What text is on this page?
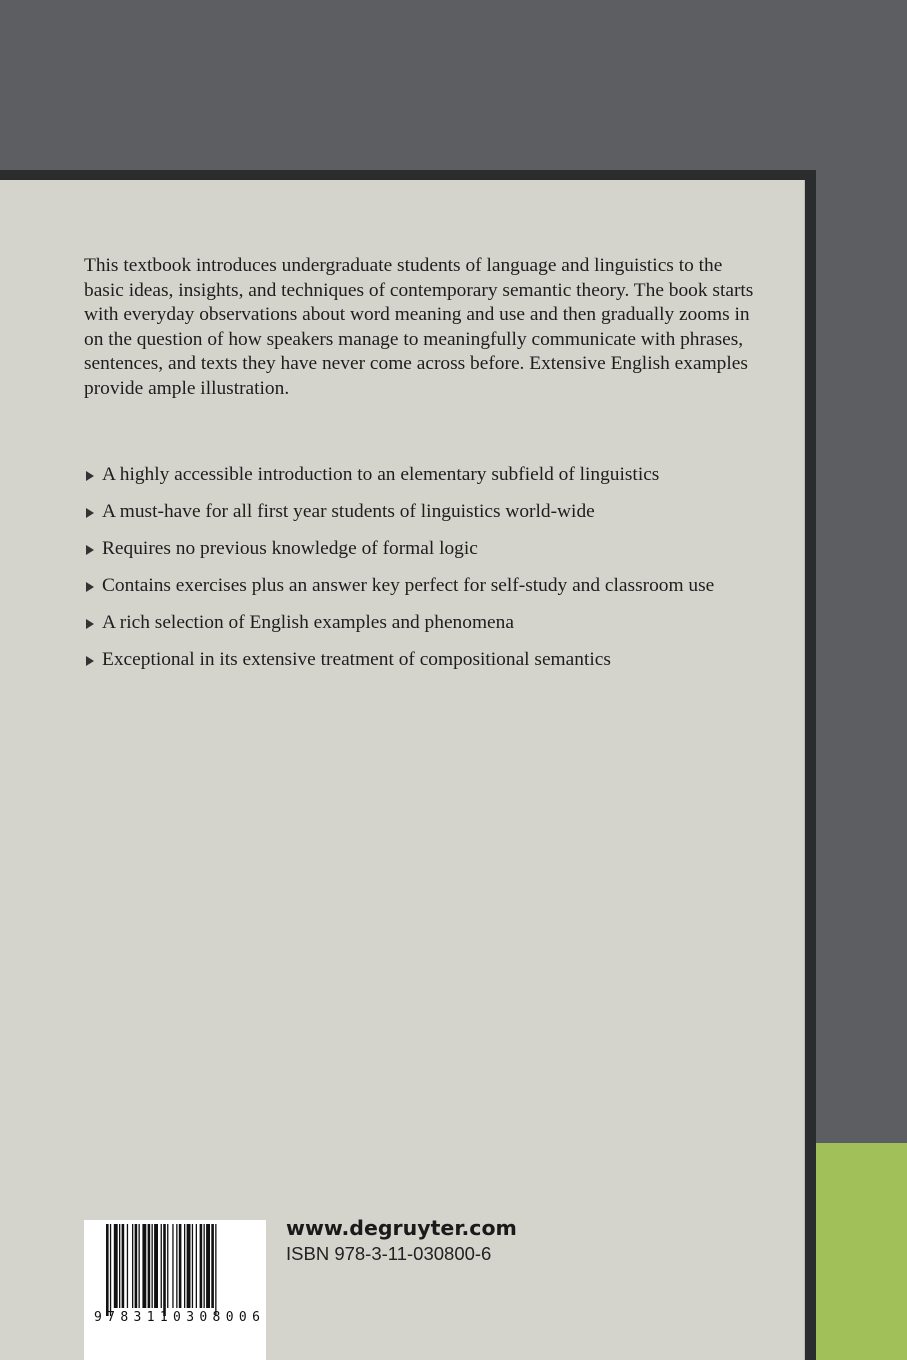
This textbook introduces undergraduate students of language and linguistics to the basic ideas, insights, and techniques of contemporary semantic theory. The book starts with everyday observations about word meaning and use and then gradually zooms in on the question of how speakers manage to meaningfully communicate with phrases, sentences, and texts they have never come across before. Extensive English examples provide ample illustration.

A highly accessible introduction to an elementary subfield of linguistics
A must-have for all first year students of linguistics world-wide
Requires no previous knowledge of formal logic
Contains exercises plus an answer key perfect for self-study and classroom use
A rich selection of English examples and phenomena
Exceptional in its extensive treatment of compositional semantics
9 7 8 3 1 1 0 3 0 8 0 0 6
www.degruyter.com
ISBN 978-3-11-030800-6
